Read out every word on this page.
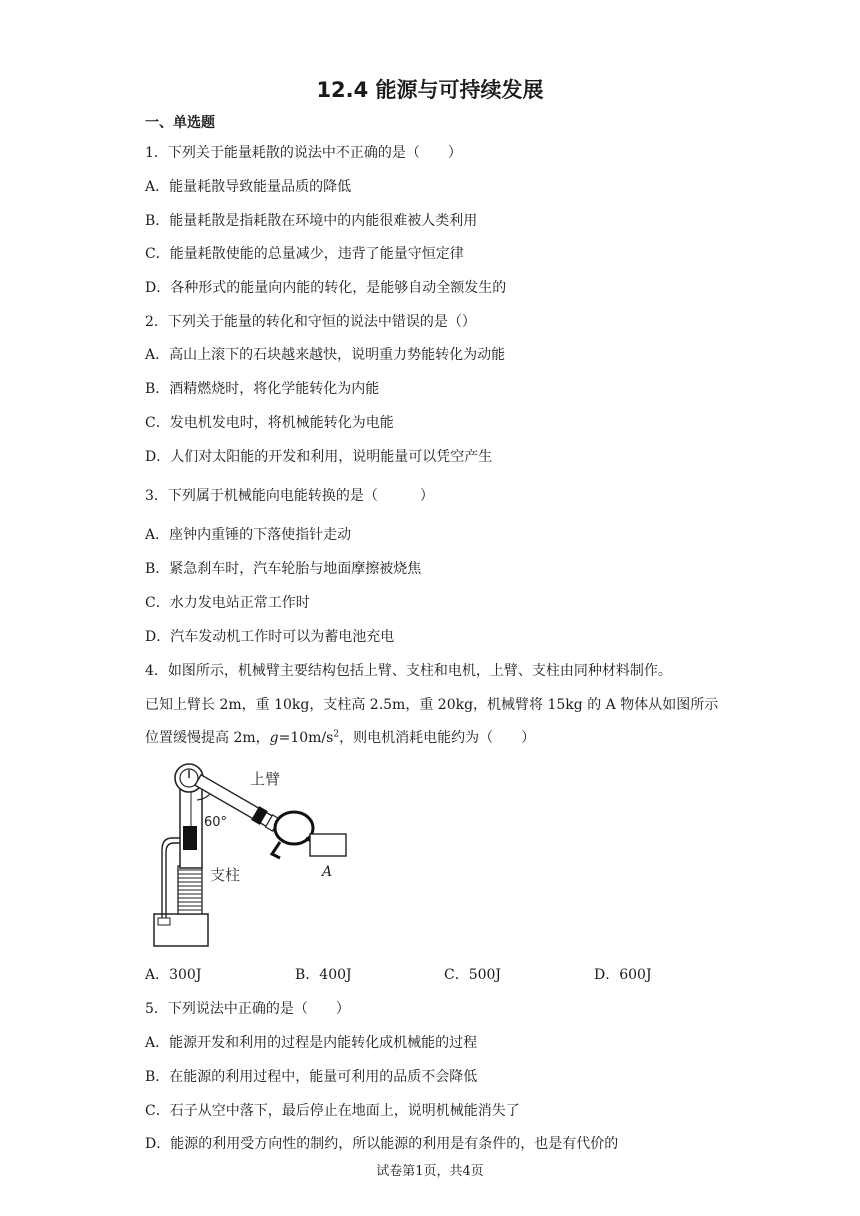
12.4 能源与可持续发展
一、单选题
1．下列关于能量耗散的说法中不正确的是（　　）
A．能量耗散导致能量品质的降低
B．能量耗散是指耗散在环境中的内能很难被人类利用
C．能量耗散使能的总量减少，违背了能量守恒定律
D．各种形式的能量向内能的转化，是能够自动全额发生的
2．下列关于能量的转化和守恒的说法中错误的是（）
A．高山上滚下的石块越来越快，说明重力势能转化为动能
B．酒精燃烧时，将化学能转化为内能
C．发电机发电时，将机械能转化为电能
D．人们对太阳能的开发和利用，说明能量可以凭空产生
3．下列属于机械能向电能转换的是（　　　）
A．座钟内重锤的下落使指针走动
B．紧急刹车时，汽车轮胎与地面摩擦被烧焦
C．水力发电站正常工作时
D．汽车发动机工作时可以为蓄电池充电
4．如图所示，机械臂主要结构包括上臂、支柱和电机，上臂、支柱由同种材料制作。
已知上臂长 2m，重 10kg，支柱高 2.5m，重 20kg，机械臂将 15kg 的 A 物体从如图所示
位置缓慢提高 2m，$g=10m/s^2$，则电机消耗电能约为（　　）
上臂
60°
支柱	A
A．300J	B．400J	C．500J	D．600J
5．下列说法中正确的是（　　）
A．能源开发和利用的过程是内能转化成机械能的过程
B．在能源的利用过程中，能量可利用的品质不会降低
C．石子从空中落下，最后停止在地面上，说明机械能消失了
D．能源的利用受方向性的制约，所以能源的利用是有条件的，也是有代价的
试卷第1页，共4页
